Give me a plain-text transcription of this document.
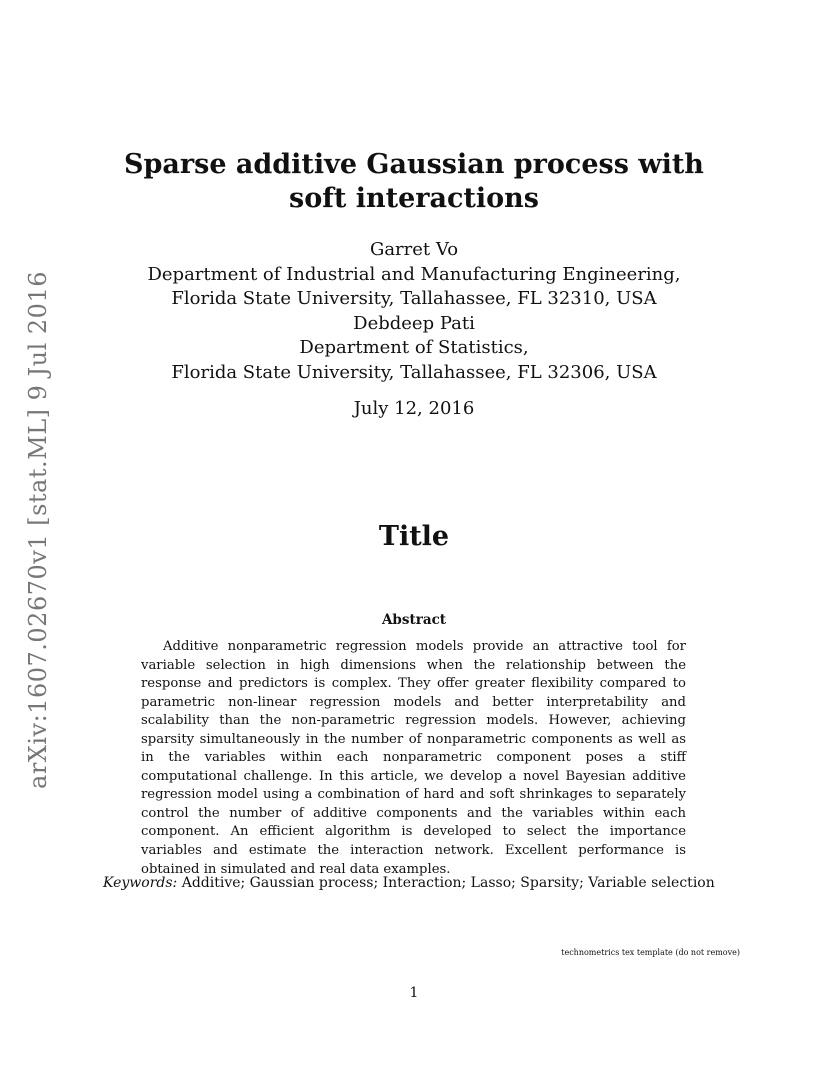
arXiv:1607.02670v1 [stat.ML] 9 Jul 2016
Sparse additive Gaussian process with soft interactions
Garret Vo
Department of Industrial and Manufacturing Engineering,
Florida State University, Tallahassee, FL 32310, USA
Debdeep Pati
Department of Statistics,
Florida State University, Tallahassee, FL 32306, USA
July 12, 2016
Title
Abstract

Additive nonparametric regression models provide an attractive tool for variable selection in high dimensions when the relationship between the response and predictors is complex. They offer greater flexibility compared to parametric non-linear regression models and better interpretability and scalability than the non-parametric regression models. However, achieving sparsity simultaneously in the number of nonparametric components as well as in the variables within each nonparametric component poses a stiff computational challenge. In this article, we develop a novel Bayesian additive regression model using a combination of hard and soft shrinkages to separately control the number of additive components and the variables within each component. An efficient algorithm is developed to select the importance variables and estimate the interaction network. Excellent performance is obtained in simulated and real data examples.

Keywords: Additive; Gaussian process; Interaction; Lasso; Sparsity; Variable selection
technometrics tex template (do not remove)
1
